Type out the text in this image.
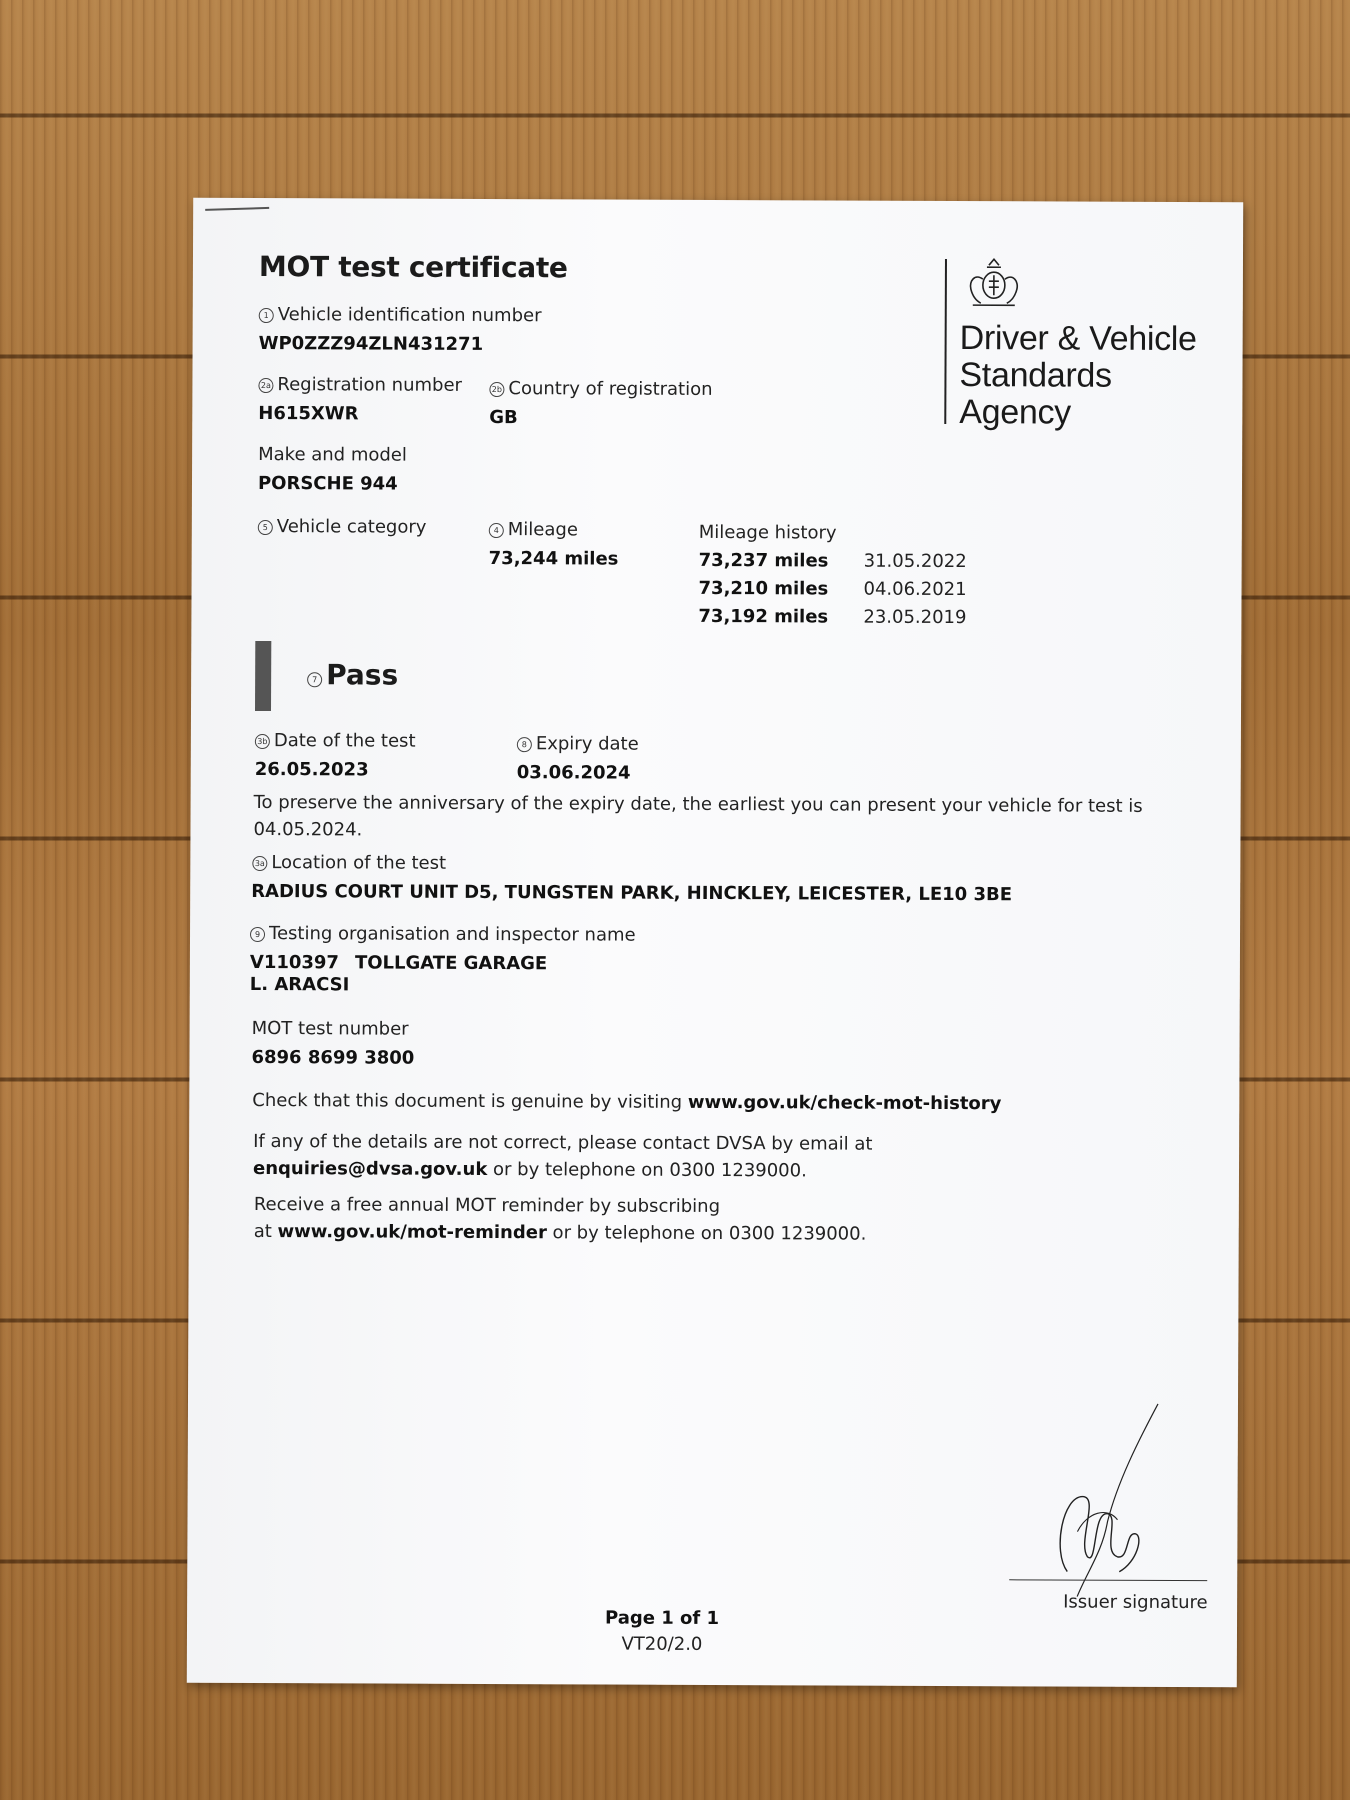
MOT test certificate
Driver & Vehicle
Standards
Agency
1 Vehicle identification number
WP0ZZZ94ZLN431271
2a Registration number
H615XWR
2b Country of registration
GB
Make and model
PORSCHE 944
5 Vehicle category	4 Mileage
73,244 miles
Mileage history
73,237 miles 31.05.2022
73,210 miles 04.06.2021
73,192 miles 23.05.2019
7 Pass
3b Date of the test
26.05.2023
8 Expiry date
03.06.2024
To preserve the anniversary of the expiry date, the earliest you can present your vehicle for test is
04.05.2024.
3a Location of the test
RADIUS COURT UNIT D5, TUNGSTEN PARK, HINCKLEY, LEICESTER, LE10 3BE
9 Testing organisation and inspector name
V110397 TOLLGATE GARAGE
L. ARACSI
MOT test number
6896 8699 3800
Check that this document is genuine by visiting www.gov.uk/check-mot-history
If any of the details are not correct, please contact DVSA by email at
enquiries@dvsa.gov.uk or by telephone on 0300 1239000.
Receive a free annual MOT reminder by subscribing
at www.gov.uk/mot-reminder or by telephone on 0300 1239000.
Issuer signature
Page 1 of 1
VT20/2.0
